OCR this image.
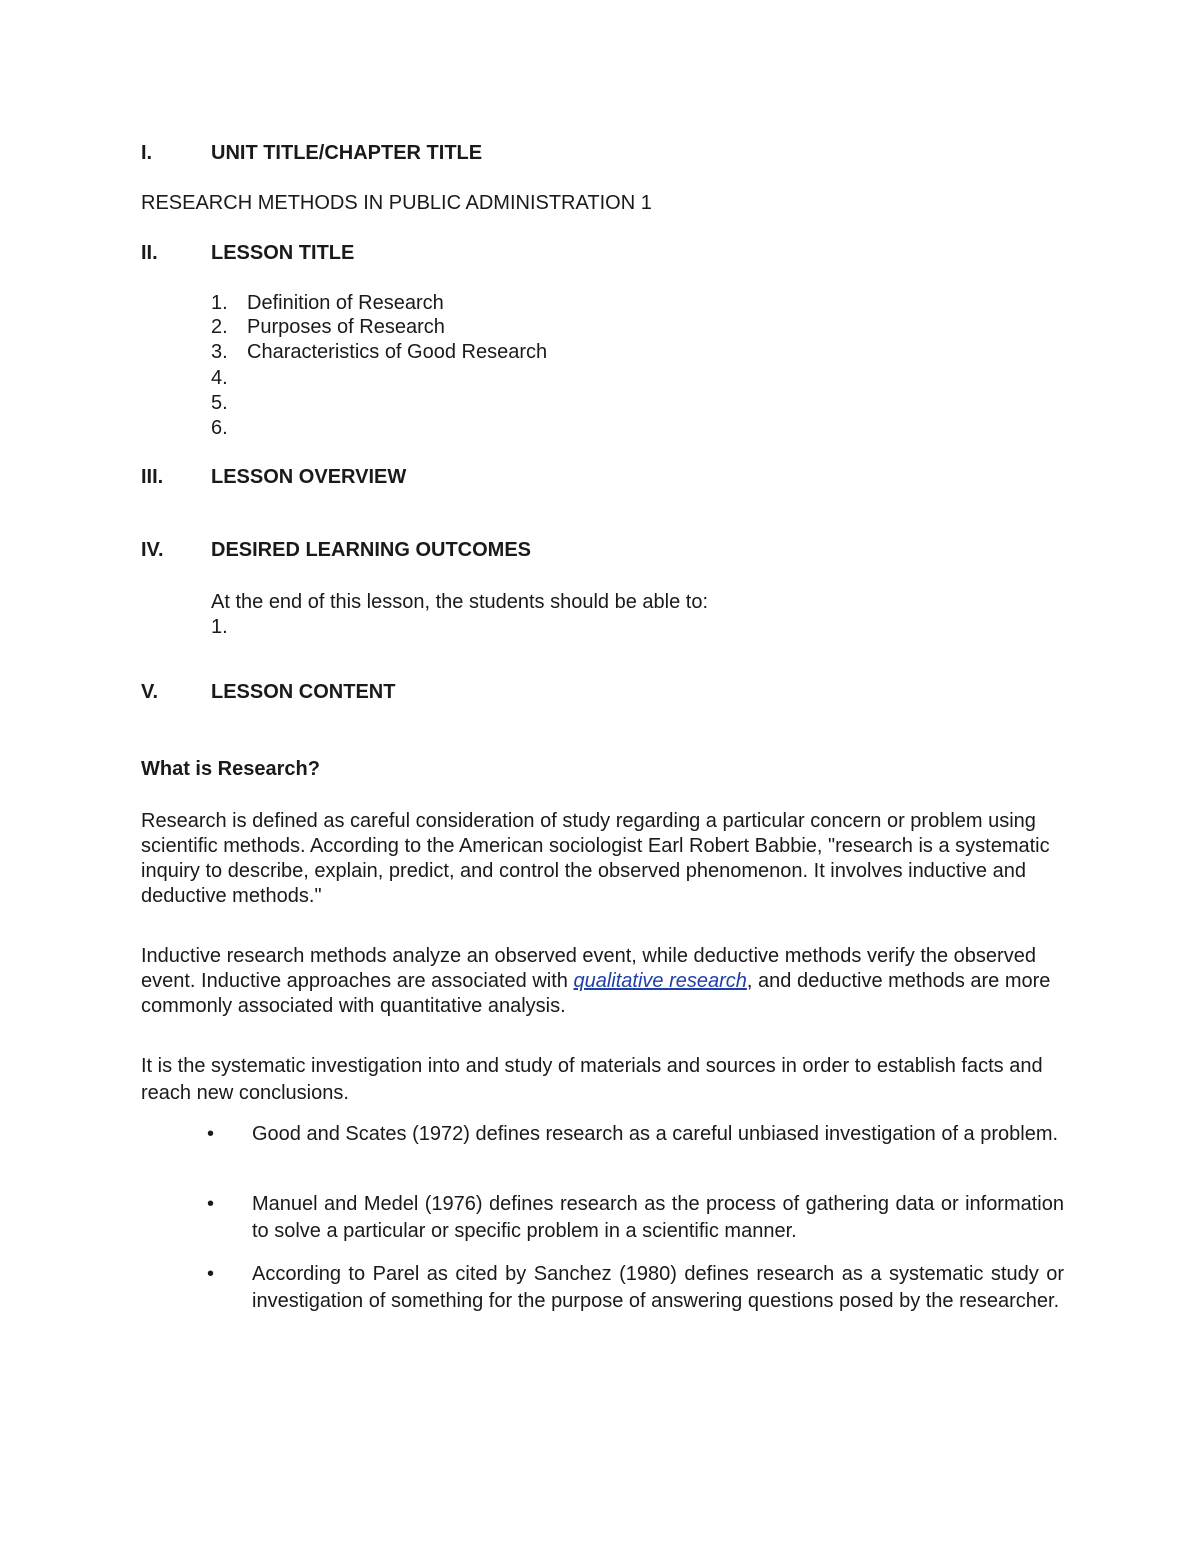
I.	UNIT TITLE/CHAPTER TITLE
RESEARCH METHODS IN PUBLIC ADMINISTRATION 1
II.	LESSON TITLE
1. Definition of Research
2. Purposes of Research
3. Characteristics of Good Research
4.
5.
6.
III. LESSON OVERVIEW
IV. DESIRED LEARNING OUTCOMES
At the end of this lesson, the students should be able to:
1.
V.	LESSON CONTENT
What is Research?
Research is defined as careful consideration of study regarding a particular concern or problem using scientific methods. According to the American sociologist Earl Robert Babbie, "research is a systematic inquiry to describe, explain, predict, and control the observed phenomenon. It involves inductive and deductive methods."
Inductive research methods analyze an observed event, while deductive methods verify the observed event. Inductive approaches are associated with qualitative research, and deductive methods are more commonly associated with quantitative analysis.
It is the systematic investigation into and study of materials and sources in order to establish facts and reach new conclusions.
•	Good and Scates (1972) defines research as a careful unbiased investigation of a problem.
•	Manuel and Medel (1976) defines research as the process of gathering data or information to solve a particular or specific problem in a scientific manner.
•	According to Parel as cited by Sanchez (1980) defines research as a systematic study or investigation of something for the purpose of answering questions posed by the researcher.
